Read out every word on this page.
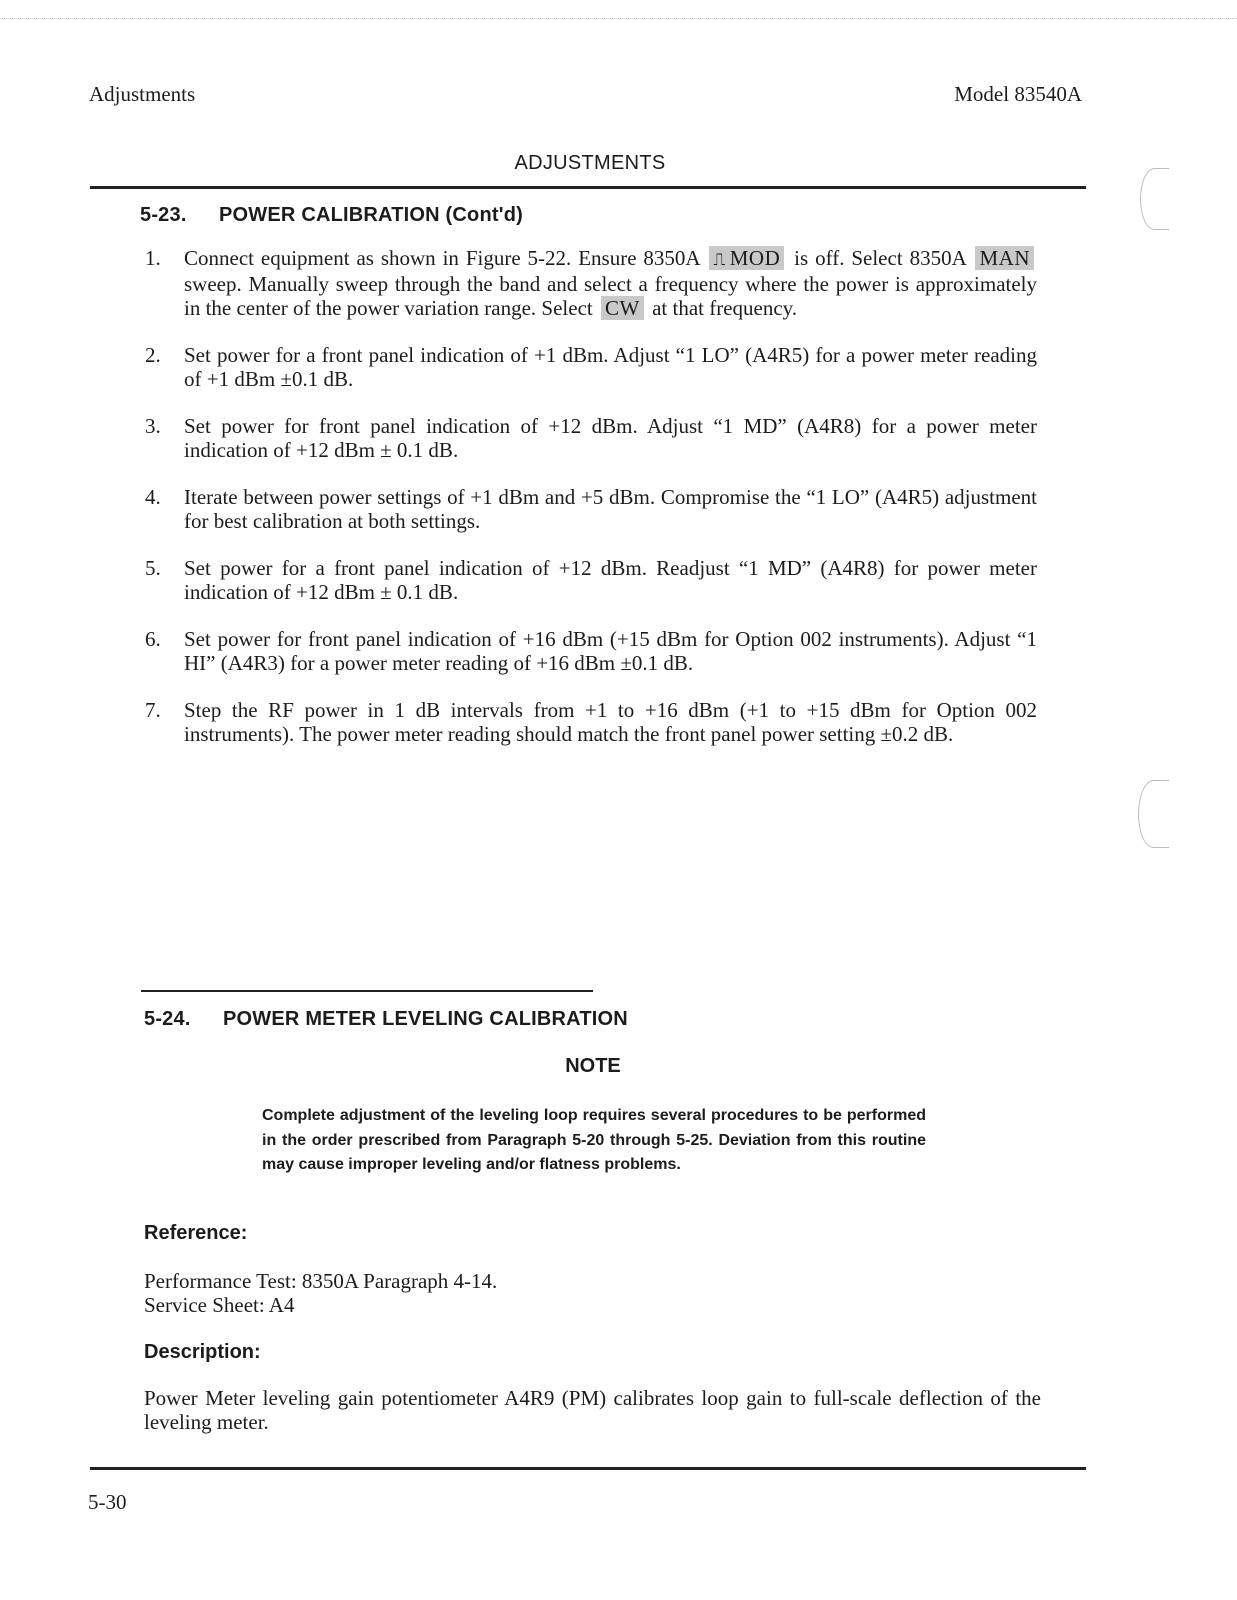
Adjustments	Model 83540A
ADJUSTMENTS
5-23. POWER CALIBRATION (Cont'd)
1.	Connect equipment as shown in Figure 5-22. Ensure 8350A ⎍ MOD is off. Select 8350A MAN sweep. Manually sweep through the band and select a frequency where the power is approximately in the center of the power variation range. Select CW at that frequency.
2.	Set power for a front panel indication of +1 dBm. Adjust “1 LO” (A4R5) for a power meter reading of +1 dBm ±0.1 dB.
3.	Set power for front panel indication of +12 dBm. Adjust “1 MD” (A4R8) for a power meter indication of +12 dBm ± 0.1 dB.
4.	Iterate between power settings of +1 dBm and +5 dBm. Compromise the “1 LO” (A4R5) adjustment for best calibration at both settings.
5.	Set power for a front panel indication of +12 dBm. Readjust “1 MD” (A4R8) for power meter indication of +12 dBm ± 0.1 dB.
6.	Set power for front panel indication of +16 dBm (+15 dBm for Option 002 instruments). Adjust “1 HI” (A4R3) for a power meter reading of +16 dBm ±0.1 dB.
7.	Step the RF power in 1 dB intervals from +1 to +16 dBm (+1 to +15 dBm for Option 002 instruments). The power meter reading should match the front panel power setting ±0.2 dB.
5-24. POWER METER LEVELING CALIBRATION
NOTE
Complete adjustment of the leveling loop requires several procedures to be performed in the order prescribed from Paragraph 5-20 through 5-25. Deviation from this routine may cause improper leveling and/or flatness problems.
Reference:
Performance Test: 8350A Paragraph 4-14.
Service Sheet: A4
Description:
Power Meter leveling gain potentiometer A4R9 (PM) calibrates loop gain to full-scale deflection of the leveling meter.
5-30
